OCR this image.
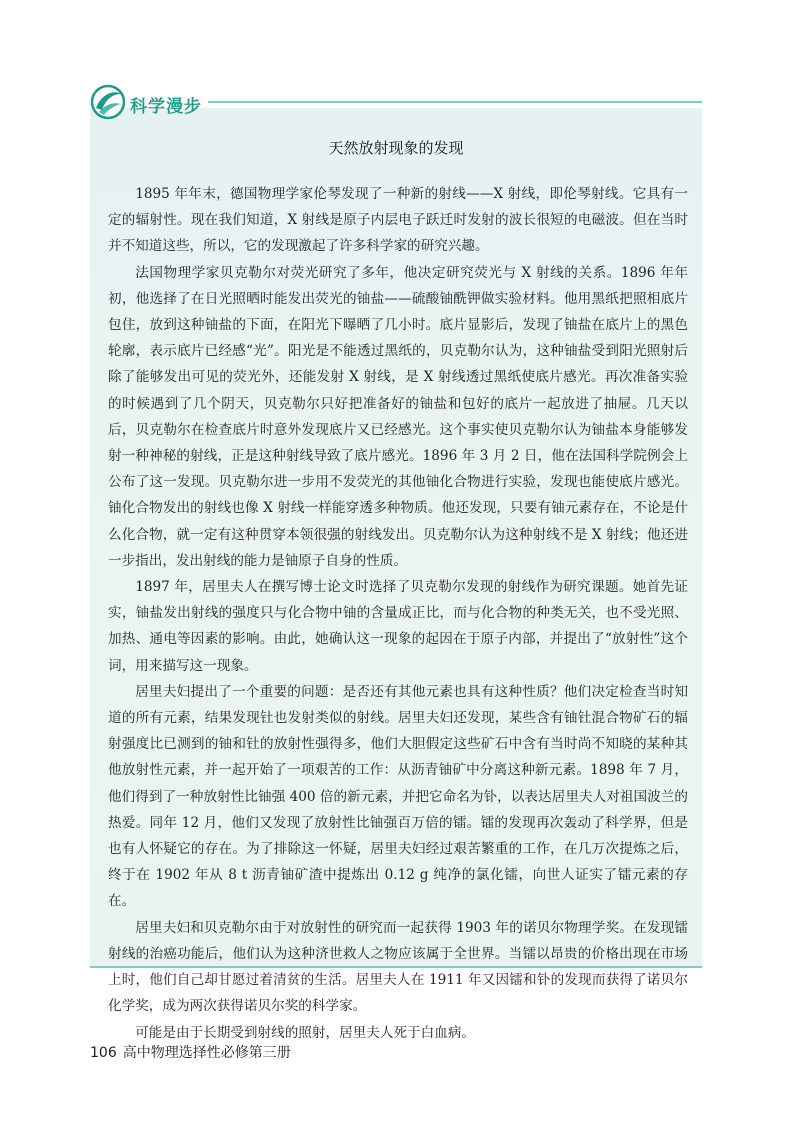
科学漫步
天然放射现象的发现

1895 年年末，德国物理学家伦琴发现了一种新的射线——X 射线，即伦琴射线。它具有一定的辐射性。现在我们知道，X 射线是原子内层电子跃迁时发射的波长很短的电磁波。但在当时并不知道这些，所以，它的发现激起了许多科学家的研究兴趣。

法国物理学家贝克勒尔对荧光研究了多年，他决定研究荧光与 X 射线的关系。1896 年年初，他选择了在日光照晒时能发出荧光的铀盐——硫酸铀酰钾做实验材料。他用黑纸把照相底片包住，放到这种铀盐的下面，在阳光下曝晒了几小时。底片显影后，发现了铀盐在底片上的黑色轮廓，表示底片已经感“光”。阳光是不能透过黑纸的，贝克勒尔认为，这种铀盐受到阳光照射后除了能够发出可见的荧光外，还能发射 X 射线，是 X 射线透过黑纸使底片感光。再次准备实验的时候遇到了几个阴天，贝克勒尔只好把准备好的铀盐和包好的底片一起放进了抽屉。几天以后，贝克勒尔在检查底片时意外发现底片又已经感光。这个事实使贝克勒尔认为铀盐本身能够发射一种神秘的射线，正是这种射线导致了底片感光。1896 年 3 月 2 日，他在法国科学院例会上公布了这一发现。贝克勒尔进一步用不发荧光的其他铀化合物进行实验，发现也能使底片感光。铀化合物发出的射线也像 X 射线一样能穿透多种物质。他还发现，只要有铀元素存在，不论是什么化合物，就一定有这种贯穿本领很强的射线发出。贝克勒尔认为这种射线不是 X 射线；他还进一步指出，发出射线的能力是铀原子自身的性质。

1897 年，居里夫人在撰写博士论文时选择了贝克勒尔发现的射线作为研究课题。她首先证实，铀盐发出射线的强度只与化合物中铀的含量成正比，而与化合物的种类无关，也不受光照、加热、通电等因素的影响。由此，她确认这一现象的起因在于原子内部，并提出了“放射性”这个词，用来描写这一现象。

居里夫妇提出了一个重要的问题：是否还有其他元素也具有这种性质？他们决定检查当时知道的所有元素，结果发现钍也发射类似的射线。居里夫妇还发现，某些含有铀钍混合物矿石的辐射强度比已测到的铀和钍的放射性强得多，他们大胆假定这些矿石中含有当时尚不知晓的某种其他放射性元素，并一起开始了一项艰苦的工作：从沥青铀矿中分离这种新元素。1898 年 7 月，他们得到了一种放射性比铀强 400 倍的新元素，并把它命名为钋，以表达居里夫人对祖国波兰的热爱。同年 12 月，他们又发现了放射性比铀强百万倍的镭。镭的发现再次轰动了科学界，但是也有人怀疑它的存在。为了排除这一怀疑，居里夫妇经过艰苦繁重的工作，在几万次提炼之后，终于在 1902 年从 8 t 沥青铀矿渣中提炼出 0.12 g 纯净的氯化镭，向世人证实了镭元素的存在。

居里夫妇和贝克勒尔由于对放射性的研究而一起获得 1903 年的诺贝尔物理学奖。在发现镭射线的治癌功能后，他们认为这种济世救人之物应该属于全世界。当镭以昂贵的价格出现在市场上时，他们自己却甘愿过着清贫的生活。居里夫人在 1911 年又因镭和钋的发现而获得了诺贝尔化学奖，成为两次获得诺贝尔奖的科学家。

可能是由于长期受到射线的照射，居里夫人死于白血病。

106 高中物理选择性必修第三册
